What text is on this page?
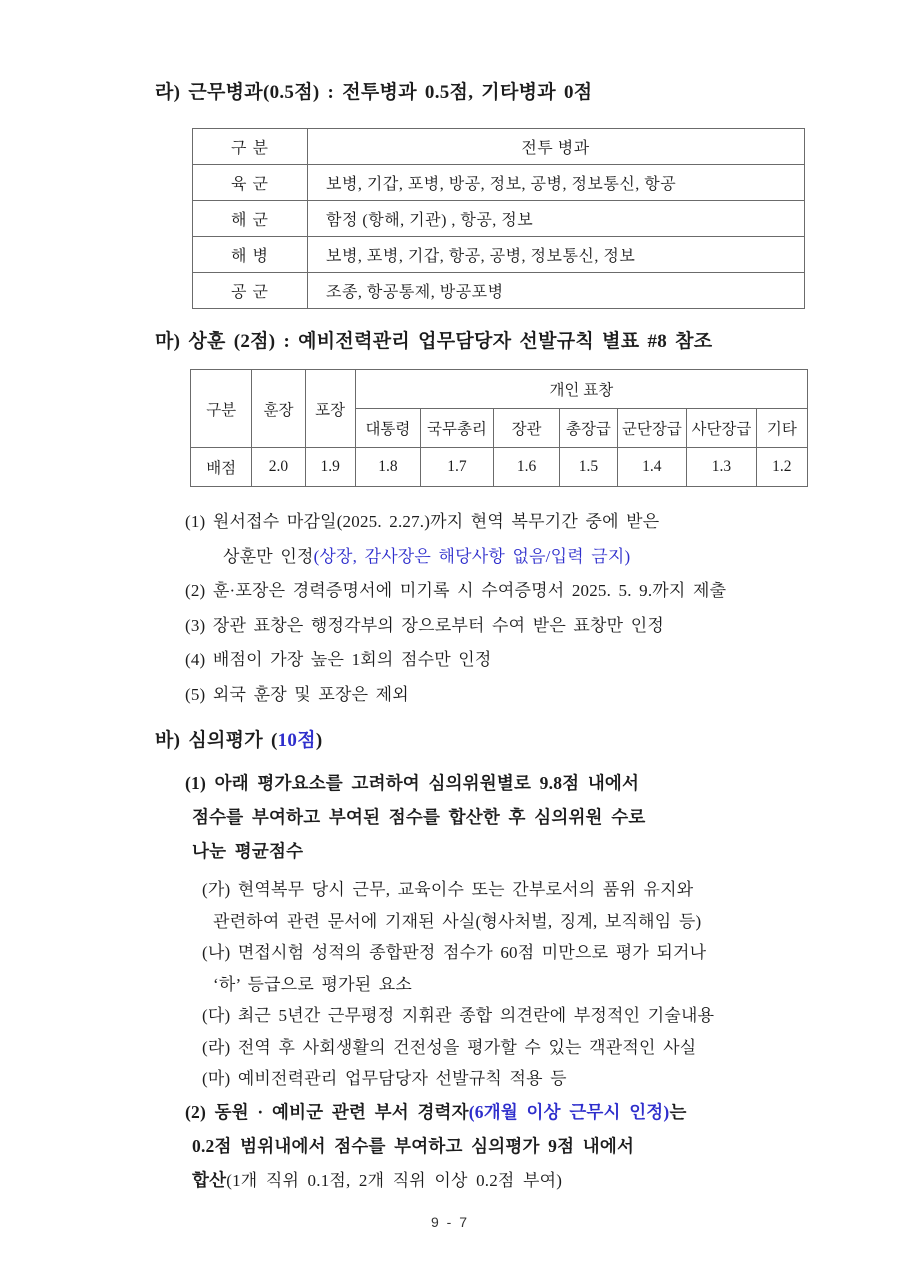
라) 근무병과(0.5점) : 전투병과 0.5점, 기타병과 0점
구 분	전투 병과
육 군	보병, 기갑, 포병, 방공, 정보, 공병, 정보통신, 항공
해 군	함정 (항해, 기관) , 항공, 정보
해 병	보병, 포병, 기갑, 항공, 공병, 정보통신, 정보
공 군	조종, 항공통제, 방공포병
마) 상훈 (2점) : 예비전력관리 업무담당자 선발규칙 별표 #8 참조
구분	훈장	포장	개인 표창						
			대통령	국무총리	장관	총장급	군단장급	사단장급	기타
배점	2.0	1.9	1.8	1.7	1.6	1.5	1.4	1.3	1.2
(1) 원서접수 마감일(2025. 2.27.)까지 현역 복무기간 중에 받은
상훈만 인정(상장, 감사장은 해당사항 없음/입력 금지)
(2) 훈·포장은 경력증명서에 미기록 시 수여증명서 2025. 5. 9.까지 제출
(3) 장관 표창은 행정각부의 장으로부터 수여 받은 표창만 인정
(4) 배점이 가장 높은 1회의 점수만 인정
(5) 외국 훈장 및 포장은 제외
바) 심의평가 (10점)
(1) 아래 평가요소를 고려하여 심의위원별로 9.8점 내에서
점수를 부여하고 부여된 점수를 합산한 후 심의위원 수로
나눈 평균점수
(가) 현역복무 당시 근무, 교육이수 또는 간부로서의 품위 유지와
관련하여 관련 문서에 기재된 사실(형사처벌, 징계, 보직해임 등)
(나) 면접시험 성적의 종합판정 점수가 60점 미만으로 평가 되거나
‘하’ 등급으로 평가된 요소
(다) 최근 5년간 근무평정 지휘관 종합 의견란에 부정적인 기술내용
(라) 전역 후 사회생활의 건전성을 평가할 수 있는 객관적인 사실
(마) 예비전력관리 업무담당자 선발규칙 적용 등
(2) 동원 · 예비군 관련 부서 경력자(6개월 이상 근무시 인정)는
0.2점 범위내에서 점수를 부여하고 심의평가 9점 내에서
합산(1개 직위 0.1점, 2개 직위 이상 0.2점 부여)
9 - 7
